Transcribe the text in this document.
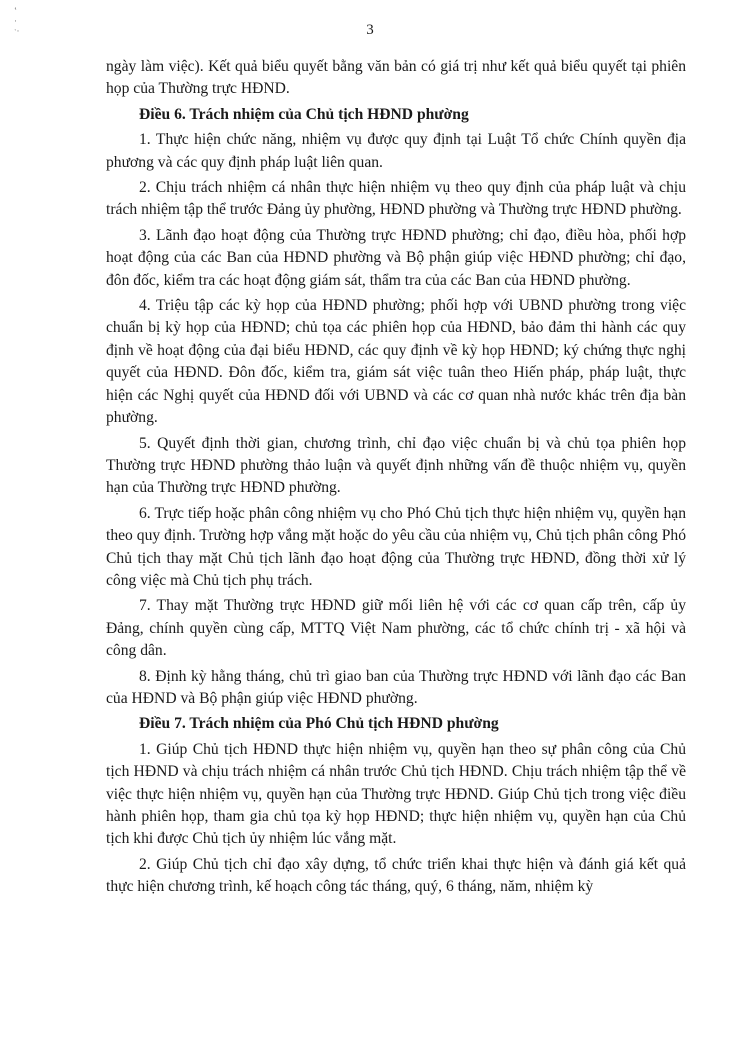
‛
·
ˑ·	3

ngày làm việc). Kết quả biểu quyết bằng văn bản có giá trị như kết quả biểu quyết tại phiên họp của Thường trực HĐND.

Điều 6. Trách nhiệm của Chủ tịch HĐND phường

1. Thực hiện chức năng, nhiệm vụ được quy định tại Luật Tổ chức Chính quyền địa phương và các quy định pháp luật liên quan.

2. Chịu trách nhiệm cá nhân thực hiện nhiệm vụ theo quy định của pháp luật và chịu trách nhiệm tập thể trước Đảng ủy phường, HĐND phường và Thường trực HĐND phường.

3. Lãnh đạo hoạt động của Thường trực HĐND phường; chỉ đạo, điều hòa, phối hợp hoạt động của các Ban của HĐND phường và Bộ phận giúp việc HĐND phường; chỉ đạo, đôn đốc, kiểm tra các hoạt động giám sát, thẩm tra của các Ban của HĐND phường.

4. Triệu tập các kỳ họp của HĐND phường; phối hợp với UBND phường trong việc chuẩn bị kỳ họp của HĐND; chủ tọa các phiên họp của HĐND, bảo đảm thi hành các quy định về hoạt động của đại biểu HĐND, các quy định về kỳ họp HĐND; ký chứng thực nghị quyết của HĐND. Đôn đốc, kiểm tra, giám sát việc tuân theo Hiến pháp, pháp luật, thực hiện các Nghị quyết của HĐND đối với UBND và các cơ quan nhà nước khác trên địa bàn phường.

5. Quyết định thời gian, chương trình, chỉ đạo việc chuẩn bị và chủ tọa phiên họp Thường trực HĐND phường thảo luận và quyết định những vấn đề thuộc nhiệm vụ, quyền hạn của Thường trực HĐND phường.

6. Trực tiếp hoặc phân công nhiệm vụ cho Phó Chủ tịch thực hiện nhiệm vụ, quyền hạn theo quy định. Trường hợp vắng mặt hoặc do yêu cầu của nhiệm vụ, Chủ tịch phân công Phó Chủ tịch thay mặt Chủ tịch lãnh đạo hoạt động của Thường trực HĐND, đồng thời xử lý công việc mà Chủ tịch phụ trách.

7. Thay mặt Thường trực HĐND giữ mối liên hệ với các cơ quan cấp trên, cấp ủy Đảng, chính quyền cùng cấp, MTTQ Việt Nam phường, các tổ chức chính trị - xã hội và công dân.

8. Định kỳ hằng tháng, chủ trì giao ban của Thường trực HĐND với lãnh đạo các Ban của HĐND và Bộ phận giúp việc HĐND phường.

Điều 7. Trách nhiệm của Phó Chủ tịch HĐND phường

1. Giúp Chủ tịch HĐND thực hiện nhiệm vụ, quyền hạn theo sự phân công của Chủ tịch HĐND và chịu trách nhiệm cá nhân trước Chủ tịch HĐND. Chịu trách nhiệm tập thể về việc thực hiện nhiệm vụ, quyền hạn của Thường trực HĐND. Giúp Chủ tịch trong việc điều hành phiên họp, tham gia chủ tọa kỳ họp HĐND; thực hiện nhiệm vụ, quyền hạn của Chủ tịch khi được Chủ tịch ủy nhiệm lúc vắng mặt.

2. Giúp Chủ tịch chỉ đạo xây dựng, tổ chức triển khai thực hiện và đánh giá kết quả thực hiện chương trình, kế hoạch công tác tháng, quý, 6 tháng, năm, nhiệm kỳ
